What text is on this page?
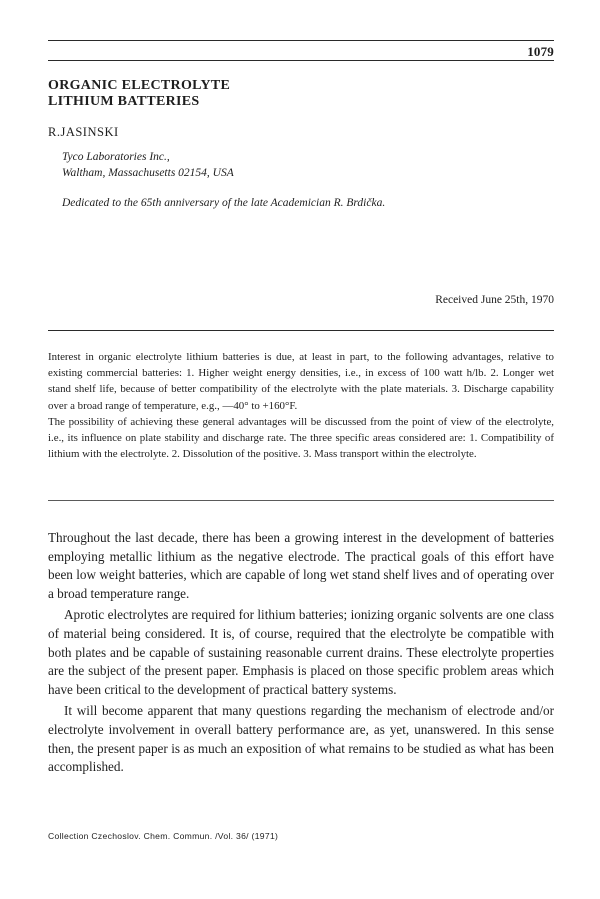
1079
ORGANIC ELECTROLYTE
LITHIUM BATTERIES
R.JASINSKI
Tyco Laboratories Inc.,
Waltham, Massachusetts 02154, USA
Dedicated to the 65th anniversary of the late Academician R. Brdička.
Received June 25th, 1970

Interest in organic electrolyte lithium batteries is due, at least in part, to the following advantages, relative to existing commercial batteries: 1. Higher weight energy densities, i.e., in excess of 100 watt h/lb. 2. Longer wet stand shelf life, because of better compatibility of the electrolyte with the plate materials. 3. Discharge capability over a broad range of temperature, e.g., —40° to +160°F.

The possibility of achieving these general advantages will be discussed from the point of view of the electrolyte, i.e., its influence on plate stability and discharge rate. The three specific areas considered are: 1. Compatibility of lithium with the electrolyte. 2. Dissolution of the positive. 3. Mass transport within the electrolyte.

Throughout the last decade, there has been a growing interest in the development of batteries employing metallic lithium as the negative electrode. The practical goals of this effort have been low weight batteries, which are capable of long wet stand shelf lives and of operating over a broad temperature range.

Aprotic electrolytes are required for lithium batteries; ionizing organic solvents are one class of material being considered. It is, of course, required that the electrolyte be compatible with both plates and be capable of sustaining reasonable current drains. These electrolyte properties are the subject of the present paper. Emphasis is placed on those specific problem areas which have been critical to the development of practical battery systems.

It will become apparent that many questions regarding the mechanism of electrode and/or electrolyte involvement in overall battery performance are, as yet, unanswered. In this sense then, the present paper is as much an exposition of what remains to be studied as what has been accomplished.

Collection Czechoslov. Chem. Commun. /Vol. 36/ (1971)
